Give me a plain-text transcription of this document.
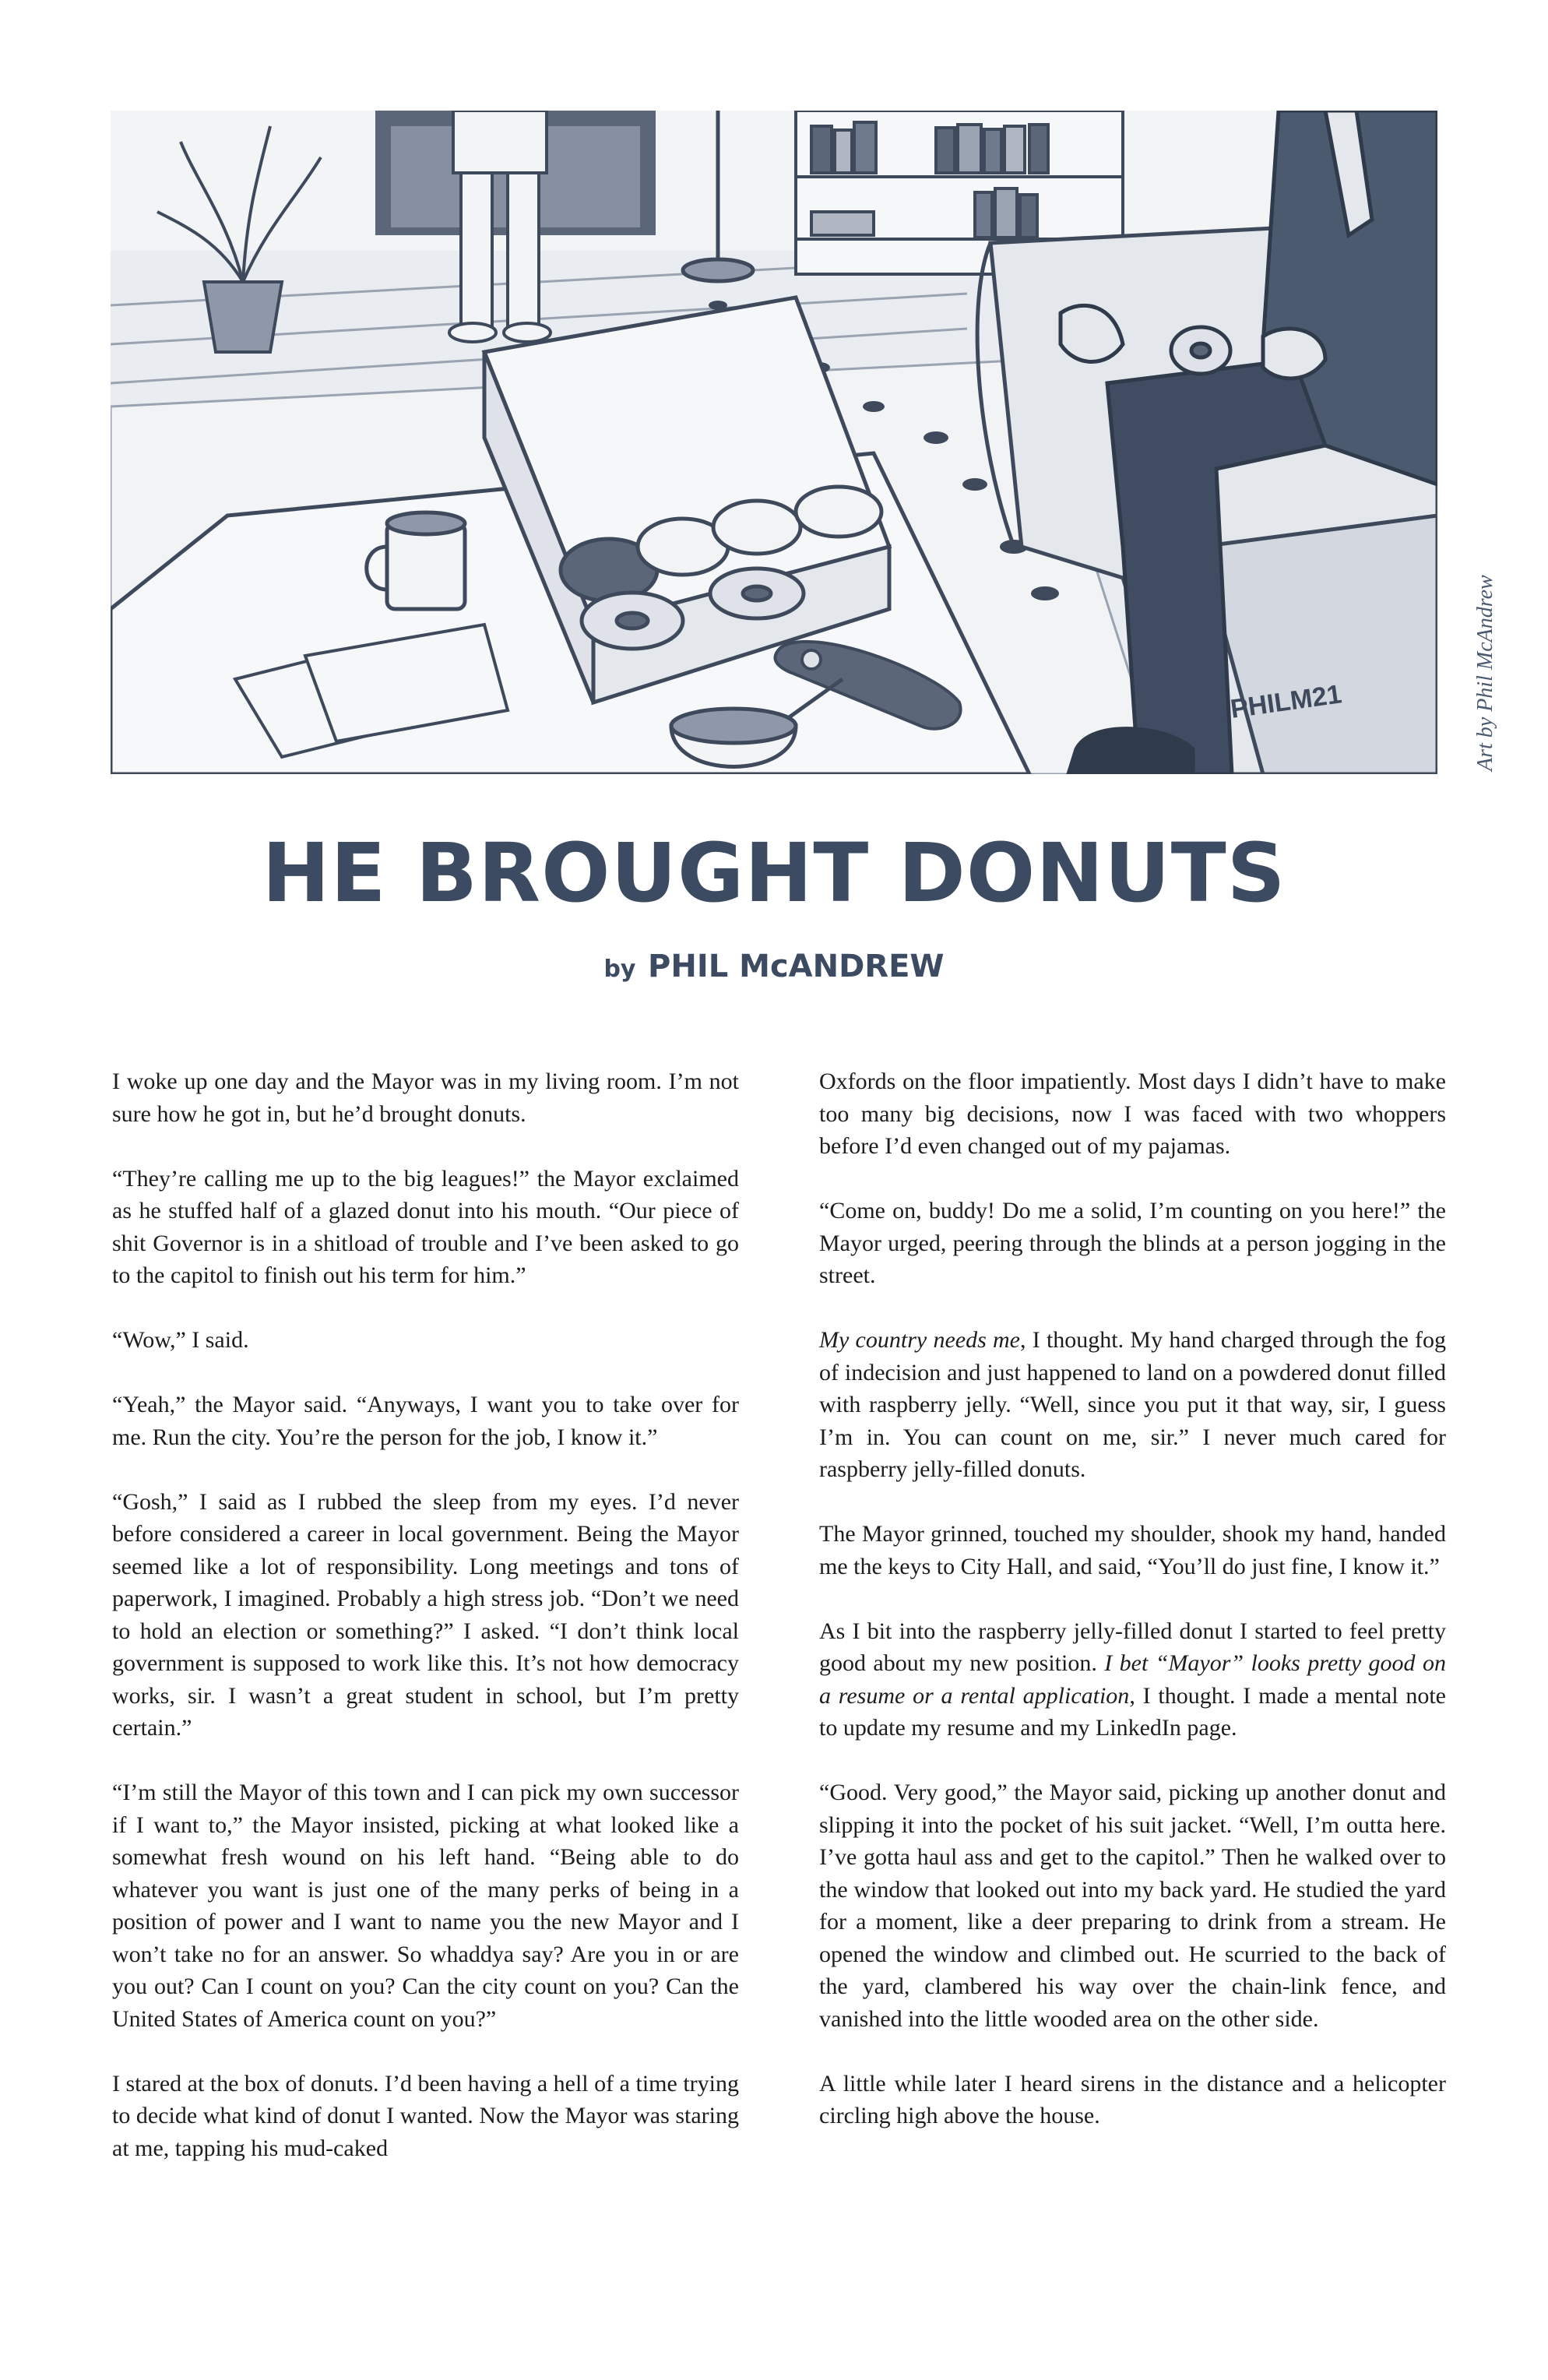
PHILM21	Art by Phil McAndrew
HE BROUGHT DONUTS
by PHIL McANDREW

I woke up one day and the Mayor was in my living room. I’m not sure how he got in, but he’d brought donuts.

“They’re calling me up to the big leagues!” the Mayor exclaimed as he stuffed half of a glazed donut into his mouth. “Our piece of shit Governor is in a shitload of trouble and I’ve been asked to go to the capitol to finish out his term for him.”

“Wow,” I said.

“Yeah,” the Mayor said. “Anyways, I want you to take over for me. Run the city. You’re the person for the job, I know it.”

“Gosh,” I said as I rubbed the sleep from my eyes. I’d never before considered a career in local government. Being the Mayor seemed like a lot of responsibility. Long meetings and tons of paperwork, I imagined. Probably a high stress job. “Don’t we need to hold an election or something?” I asked. “I don’t think local government is supposed to work like this. It’s not how democracy works, sir. I wasn’t a great student in school, but I’m pretty certain.”

“I’m still the Mayor of this town and I can pick my own successor if I want to,” the Mayor insisted, picking at what looked like a somewhat fresh wound on his left hand. “Being able to do whatever you want is just one of the many perks of being in a position of power and I want to name you the new Mayor and I won’t take no for an answer. So whaddya say? Are you in or are you out? Can I count on you? Can the city count on you? Can the United States of America count on you?”

I stared at the box of donuts. I’d been having a hell of a time trying to decide what kind of donut I wanted. Now the Mayor was staring at me, tapping his mud-caked

Oxfords on the floor impatiently. Most days I didn’t have to make too many big decisions, now I was faced with two whoppers before I’d even changed out of my pajamas.

“Come on, buddy! Do me a solid, I’m counting on you here!” the Mayor urged, peering through the blinds at a person jogging in the street.

My country needs me, I thought. My hand charged through the fog of indecision and just happened to land on a powdered donut filled with raspberry jelly. “Well, since you put it that way, sir, I guess I’m in. You can count on me, sir.” I never much cared for raspberry jelly-filled donuts.

The Mayor grinned, touched my shoulder, shook my hand, handed me the keys to City Hall, and said, “You’ll do just fine, I know it.”

As I bit into the raspberry jelly-filled donut I started to feel pretty good about my new position. I bet “Mayor” looks pretty good on a resume or a rental application, I thought. I made a mental note to update my resume and my LinkedIn page.

“Good. Very good,” the Mayor said, picking up another donut and slipping it into the pocket of his suit jacket. “Well, I’m outta here. I’ve gotta haul ass and get to the capitol.” Then he walked over to the window that looked out into my back yard. He studied the yard for a moment, like a deer preparing to drink from a stream. He opened the window and climbed out. He scurried to the back of the yard, clambered his way over the chain-link fence, and vanished into the little wooded area on the other side.

A little while later I heard sirens in the distance and a helicopter circling high above the house.
